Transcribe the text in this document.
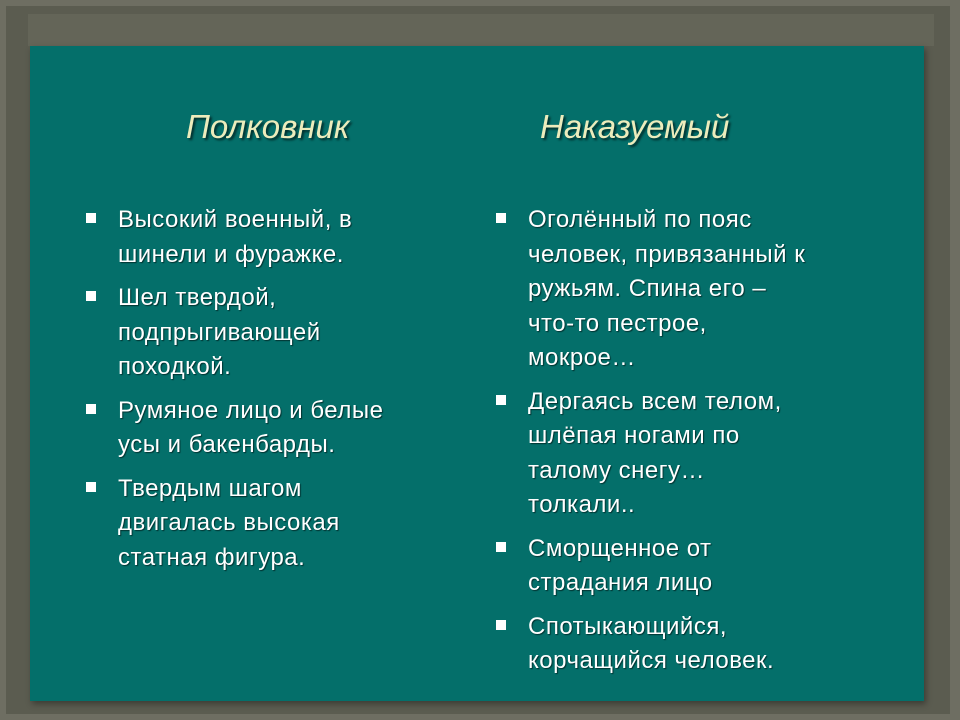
Полковник	Наказуемый
Высокий военный, в
шинели и фуражке.
Шел твердой,
подпрыгивающей
походкой.
Румяное лицо и белые
усы и бакенбарды.
Твердым шагом
двигалась высокая
статная фигура.
Оголённый по пояс
человек, привязанный к
ружьям. Спина его –
что-то пестрое,
мокрое…
Дергаясь всем телом,
шлёпая ногами по
талому снегу…
толкали..
Сморщенное от
страдания лицо
Спотыкающийся,
корчащийся человек.
